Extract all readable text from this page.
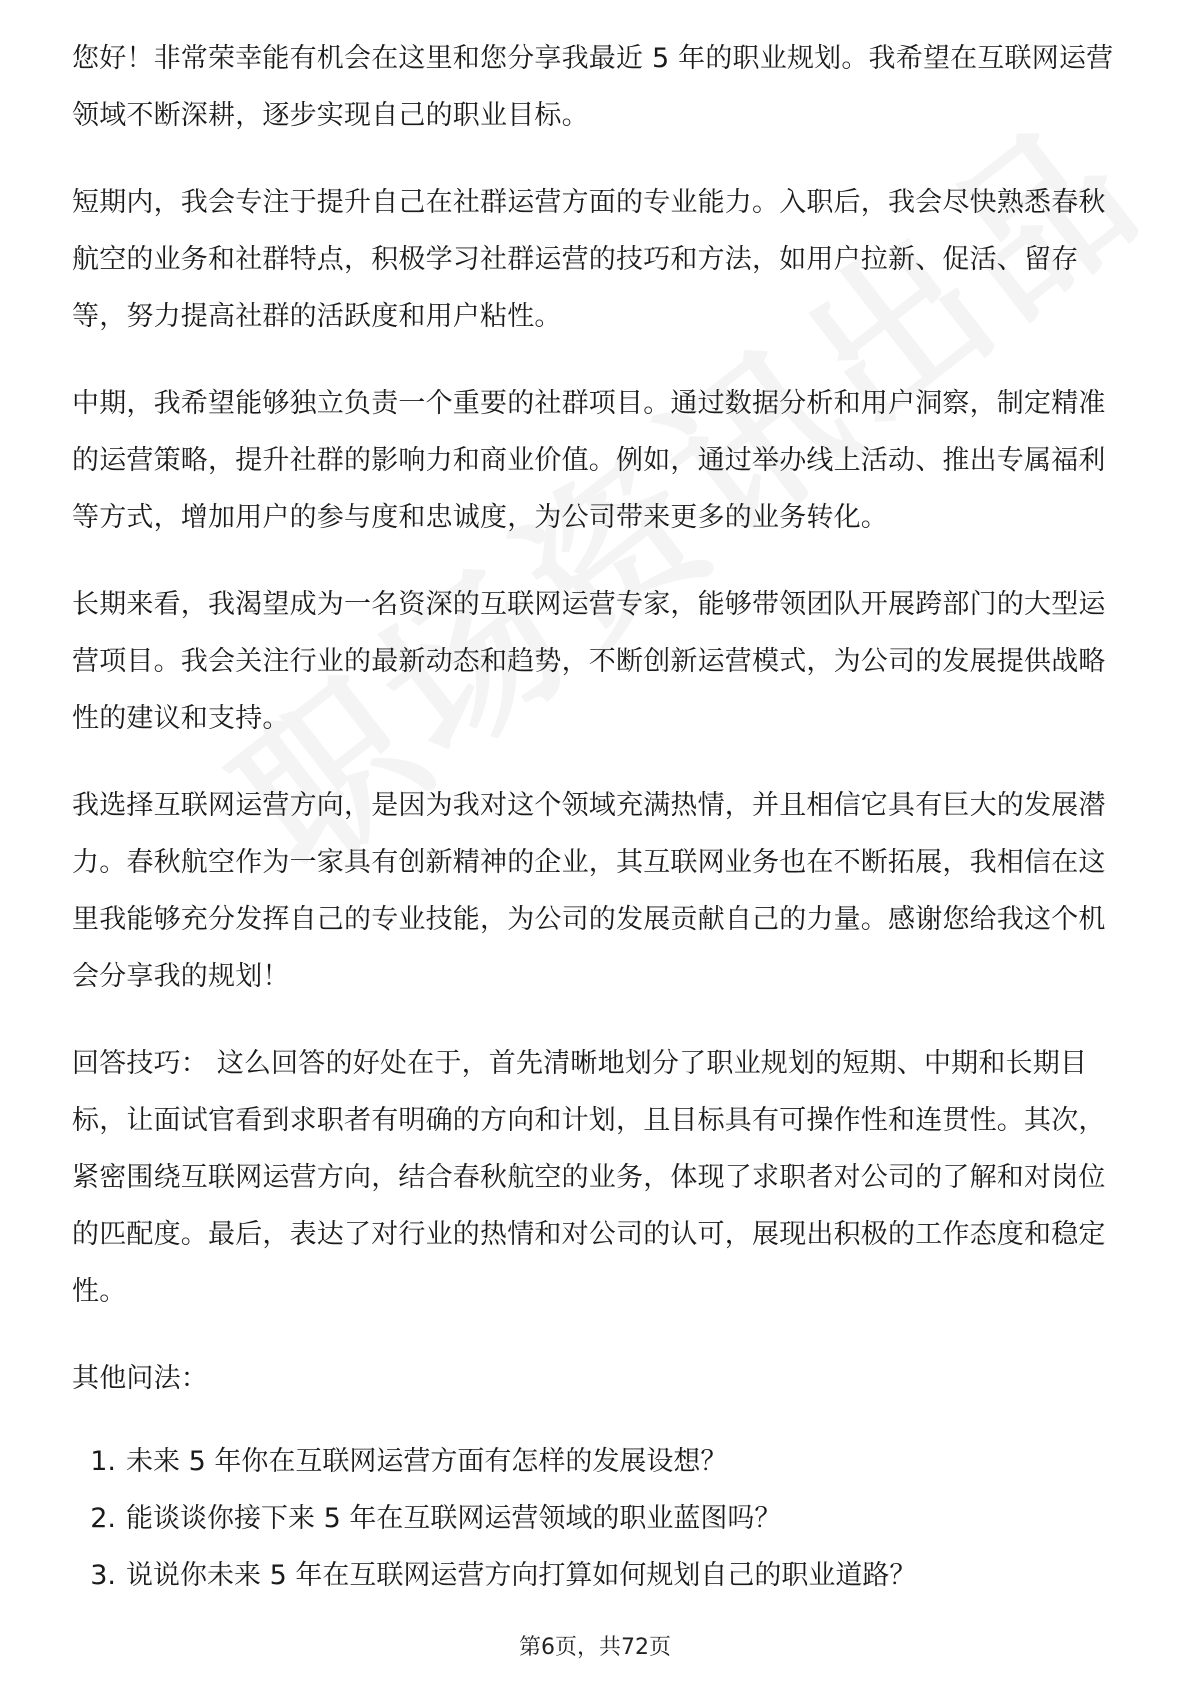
您好！非常荣幸能有机会在这里和您分享我最近 5 年的职业规划。我希望在互联网运营领域不断深耕，逐步实现自己的职业目标。

短期内，我会专注于提升自己在社群运营方面的专业能力。入职后，我会尽快熟悉春秋航空的业务和社群特点，积极学习社群运营的技巧和方法，如用户拉新、促活、留存等，努力提高社群的活跃度和用户粘性。

中期，我希望能够独立负责一个重要的社群项目。通过数据分析和用户洞察，制定精准的运营策略，提升社群的影响力和商业价值。例如，通过举办线上活动、推出专属福利等方式，增加用户的参与度和忠诚度，为公司带来更多的业务转化。

长期来看，我渴望成为一名资深的互联网运营专家，能够带领团队开展跨部门的大型运营项目。我会关注行业的最新动态和趋势，不断创新运营模式，为公司的发展提供战略性的建议和支持。

我选择互联网运营方向，是因为我对这个领域充满热情，并且相信它具有巨大的发展潜力。春秋航空作为一家具有创新精神的企业，其互联网业务也在不断拓展，我相信在这里我能够充分发挥自己的专业技能，为公司的发展贡献自己的力量。感谢您给我这个机会分享我的规划！

回答技巧： 这么回答的好处在于，首先清晰地划分了职业规划的短期、中期和长期目标，让面试官看到求职者有明确的方向和计划，且目标具有可操作性和连贯性。其次，紧密围绕互联网运营方向，结合春秋航空的业务，体现了求职者对公司的了解和对岗位的匹配度。最后，表达了对行业的热情和对公司的认可，展现出积极的工作态度和稳定性。

其他问法：

1. 未来 5 年你在互联网运营方面有怎样的发展设想？
2. 能谈谈你接下来 5 年在互联网运营领域的职业蓝图吗？
3. 说说你未来 5 年在互联网运营方向打算如何规划自己的职业道路？
第6页，共72页
